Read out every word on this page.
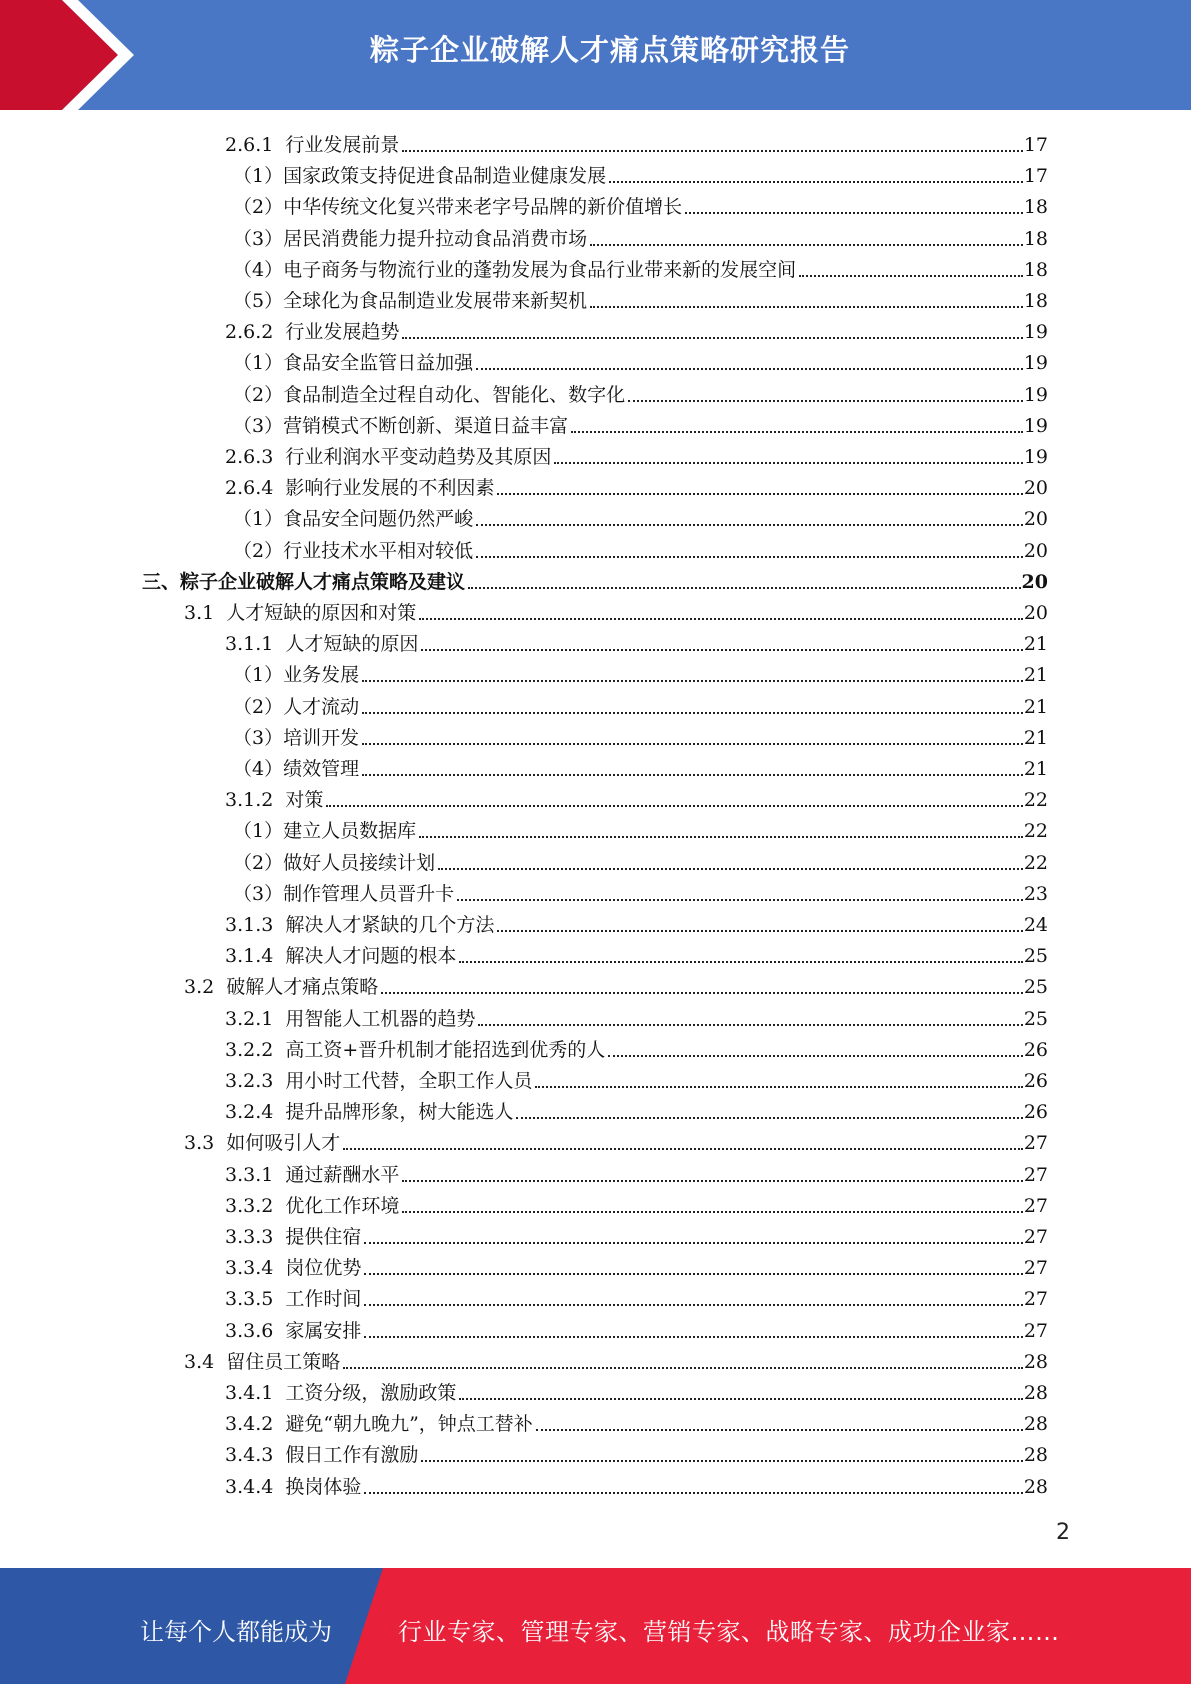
粽子企业破解人才痛点策略研究报告
2.6.1 行业发展前景	17
（1） 国家政策支持促进食品制造业健康发展	17
（2） 中华传统文化复兴带来老字号品牌的新价值增长	18
（3） 居民消费能力提升拉动食品消费市场	18
（4） 电子商务与物流行业的蓬勃发展为食品行业带来新的发展空间	18
（5） 全球化为食品制造业发展带来新契机	18
2.6.2 行业发展趋势	19
（1） 食品安全监管日益加强	19
（2） 食品制造全过程自动化、智能化、数字化	19
（3） 营销模式不断创新、渠道日益丰富	19
2.6.3 行业利润水平变动趋势及其原因	19
2.6.4 影响行业发展的不利因素	20
（1） 食品安全问题仍然严峻	20
（2） 行业技术水平相对较低	20
三、 粽子企业破解人才痛点策略及建议	20
3.1 人才短缺的原因和对策	20
3.1.1 人才短缺的原因	21
（1） 业务发展	21
（2） 人才流动	21
（3） 培训开发	21
（4） 绩效管理	21
3.1.2 对策	22
（1） 建立人员数据库	22
（2） 做好人员接续计划	22
（3） 制作管理人员晋升卡	23
3.1.3 解决人才紧缺的几个方法	24
3.1.4 解决人才问题的根本	25
3.2 破解人才痛点策略	25
3.2.1 用智能人工机器的趋势	25
3.2.2 高工资+晋升机制才能招选到优秀的人	26
3.2.3 用小时工代替，全职工作人员	26
3.2.4 提升品牌形象，树大能选人	26
3.3 如何吸引人才	27
3.3.1 通过薪酬水平	27
3.3.2 优化工作环境	27
3.3.3 提供住宿	27
3.3.4 岗位优势	27
3.3.5 工作时间	27
3.3.6 家属安排	27
3.4 留住员工策略	28
3.4.1 工资分级，激励政策	28
3.4.2 避免“朝九晚九”，钟点工替补	28
3.4.3 假日工作有激励	28
3.4.4 换岗体验	28
2
让每个人都能成为	行业专家、管理专家、营销专家、战略专家、成功企业家……
